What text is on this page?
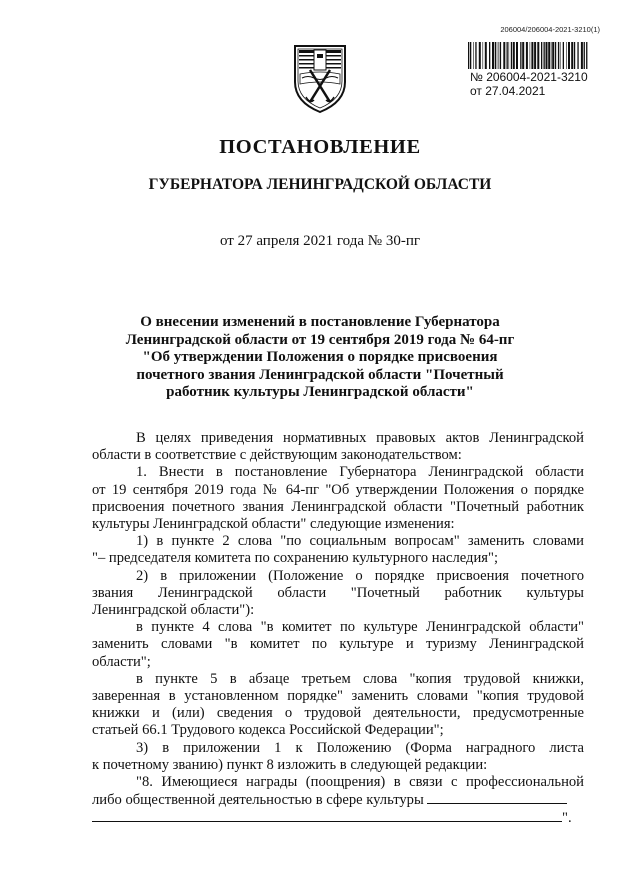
206004/206004-2021-3210(1)
№ 206004-2021-3210
от 27.04.2021
ПОСТАНОВЛЕНИЕ
ГУБЕРНАТОРА ЛЕНИНГРАДСКОЙ ОБЛАСТИ
от 27 апреля 2021 года № 30-пг
О внесении изменений в постановление Губернатора
Ленинградской области от 19 сентября 2019 года № 64-пг
"Об утверждении Положения о порядке присвоения
почетного звания Ленинградской области "Почетный
работник культуры Ленинградской области"
В целях приведения нормативных правовых актов Ленинградской
области в соответствие с действующим законодательством:
1. Внести в постановление Губернатора Ленинградской области
от 19 сентября 2019 года № 64-пг "Об утверждении Положения о порядке
присвоения почетного звания Ленинградской области "Почетный работник
культуры Ленинградской области" следующие изменения:
1) в пункте 2 слова "по социальным вопросам" заменить словами
"– председателя комитета по сохранению культурного наследия";
2) в приложении (Положение о порядке присвоения почетного
звания Ленинградской области "Почетный работник культуры
Ленинградской области"):
в пункте 4 слова "в комитет по культуре Ленинградской области"
заменить словами "в комитет по культуре и туризму Ленинградской
области";
в пункте 5 в абзаце третьем слова "копия трудовой книжки,
заверенная в установленном порядке" заменить словами "копия трудовой
книжки и (или) сведения о трудовой деятельности, предусмотренные
статьей 66.1 Трудового кодекса Российской Федерации";
3) в приложении 1 к Положению (Форма наградного листа
к почетному званию) пункт 8 изложить в следующей редакции:
"8. Имеющиеся награды (поощрения) в связи с профессиональной
либо общественной деятельностью в сфере культуры
".
